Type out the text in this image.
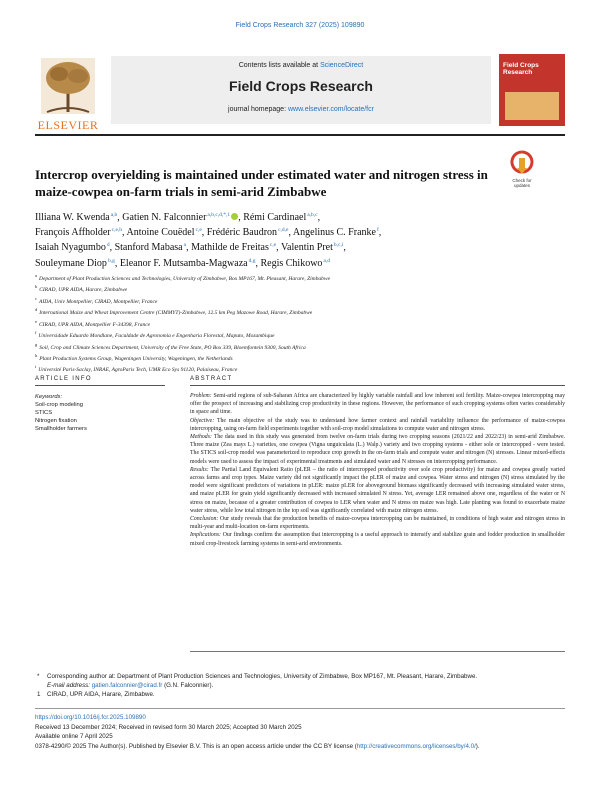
Field Crops Research 327 (2025) 109890
ELSEVIER
Contents lists available at ScienceDirect
Field Crops Research
journal homepage: www.elsevier.com/locate/fcr
Field Crops Research
Intercrop overyielding is maintained under estimated water and nitrogen stress in maize-cowpea on-farm trials in semi-arid Zimbabwe
Check for updates
Illiana W. Kwenda$^{a,b}$, Gatien N. Falconnier$^{a,b,c,d,*,1}$ , Rémi Cardinael$^{a,b,c}$,
François Affholder$^{c,e,h}$, Antoine Couëdel$^{c,e}$, Frédéric Baudron$^{c,d,e}$, Angelinus C. Franke$^f$,
Isaiah Nyagumbo$^d$, Stanford Mabasa$^a$, Mathilde de Freitas$^{c,e}$, Valentin Pret$^{b,c,i}$,
Souleymane Diop$^{b,g}$, Eleanor F. Mutsamba-Magwaza$^{d,g}$, Regis Chikowo$^{a,d}$
$^a$Department of Plant Production Sciences and Technologies, University of Zimbabwe, Box MP167, Mt. Pleasant, Harare, Zimbabwe
$^b$CIRAD, UPR AIDA, Harare, Zimbabwe
$^c$AIDA, Univ Montpellier, CIRAD, Montpellier, France
$^d$International Maize and Wheat Improvement Centre (CIMMYT)-Zimbabwe, 12.5 km Peg Mazowe Road, Harare, Zimbabwe
$^e$CIRAD, UPR AIDA, Montpellier F-34398, France
$^f$Universidade Eduardo Mondlane, Faculdade de Agronomia e Engenharia Florestal, Maputo, Mozambique
$^g$Soil, Crop and Climate Sciences Department, University of the Free State, PO Box 339, Bloemfontein 9300, South Africa
$^h$Plant Production Systems Group, Wageningen University, Wageningen, the Netherlands
$^i$Université Paris-Saclay, INRAE, AgroParis Tech, UMR Eco Sys 91120, Palaiseau, France
ARTICLE INFO	ABSTRACT
Keywords:
Soil-crop modeling
STICS
Nitrogen fixation
Smallholder farmers

Problem: Semi-arid regions of sub-Saharan Africa are characterized by highly variable rainfall and low inherent soil fertility. Maize-cowpea intercropping may offer the prospect of increasing and stabilizing crop productivity in these regions. However, the performance of such cropping systems often varies considerably in space and time.

Objective: The main objective of the study was to understand how farmer context and rainfall variability influence the performance of maize-cowpea intercropping, using on-farm field experiments together with soil-crop model simulations to compute water and nitrogen stress.

Methods: The data used in this study was generated from twelve on-farm trials during two cropping seasons (2021/22 and 2022/23) in semi-arid Zimbabwe. Three maize (Zea mays L.) varieties, one cowpea (Vigna unguiculata (L.) Walp.) variety and two cropping systems - either sole or intercropped - were tested. The STICS soil-crop model was parameterized to reproduce crop growth in the on-farm trials and compute water and nitrogen (N) stresses. Linear mixed-effects models were used to assess the impact of experimental treatments and simulated water and N stresses on intercropping performance.

Results: The Partial Land Equivalent Ratio (pLER – the ratio of intercropped productivity over sole crop productivity) for maize and cowpea greatly varied across farms and crop types. Maize variety did not significantly impact the pLER of maize and cowpea. Water stress and nitrogen (N) stress simulated by the model were significant predictors of variations in pLER: maize pLER for aboveground biomass significantly decreased with increasing simulated water stress, and maize pLER for grain yield significantly decreased with increased simulated N stress. Yet, average LER remained above one, regardless of the water or N stress on maize, because of a greater contribution of cowpea to LER when water and N stress on maize was high. Late planting was found to exacerbate maize water stress, while low total nitrogen in the top soil was significantly correlated with maize nitrogen stress.

Conclusion: Our study reveals that the production benefits of maize-cowpea intercropping can be maintained, in conditions of high water and nitrogen stress in multi-year and multi-location on-farm experiments.

Implications: Our findings confirm the assumption that intercropping is a useful approach to intensify and stabilize grain and fodder production in smallholder mixed crop-livestock farming systems in semi-arid environments.

* Corresponding author at: Department of Plant Production Sciences and Technologies, University of Zimbabwe, Box MP167, Mt. Pleasant, Harare, Zimbabwe.
E-mail address: gatien.falconnier@cirad.fr (G.N. Falconnier).
1 CIRAD, UPR AIDA, Harare, Zimbabwe.
https://doi.org/10.1016/j.fcr.2025.109890
Received 13 December 2024; Received in revised form 30 March 2025; Accepted 30 March 2025
Available online 7 April 2025
0378-4290/© 2025 The Author(s). Published by Elsevier B.V. This is an open access article under the CC BY license (http://creativecommons.org/licenses/by/4.0/).
